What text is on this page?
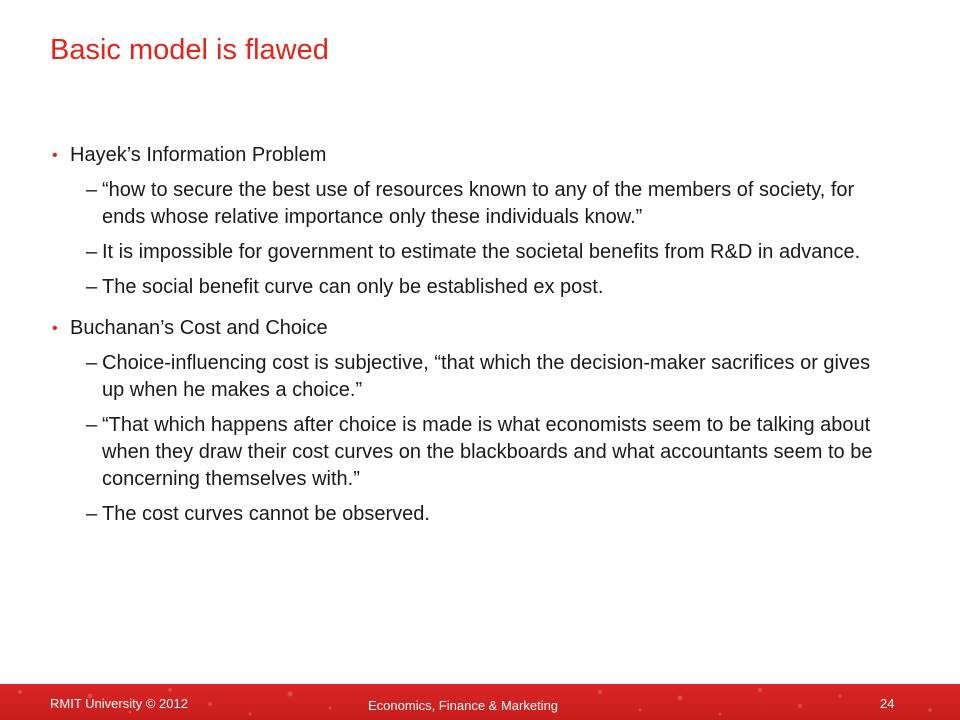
Basic model is flawed
• Hayek’s Information Problem
– “how to secure the best use of resources known to any of the members of society, for ends whose relative importance only these individuals know.”
– It is impossible for government to estimate the societal benefits from R&D in advance.
– The social benefit curve can only be established ex post.
• Buchanan’s Cost and Choice
– Choice-influencing cost is subjective, “that which the decision-maker sacrifices or gives up when he makes a choice.”
– “That which happens after choice is made is what economists seem to be talking about when they draw their cost curves on the blackboards and what accountants seem to be concerning themselves with.”
– The cost curves cannot be observed.
RMIT University © 2012	Economics, Finance & Marketing	24
